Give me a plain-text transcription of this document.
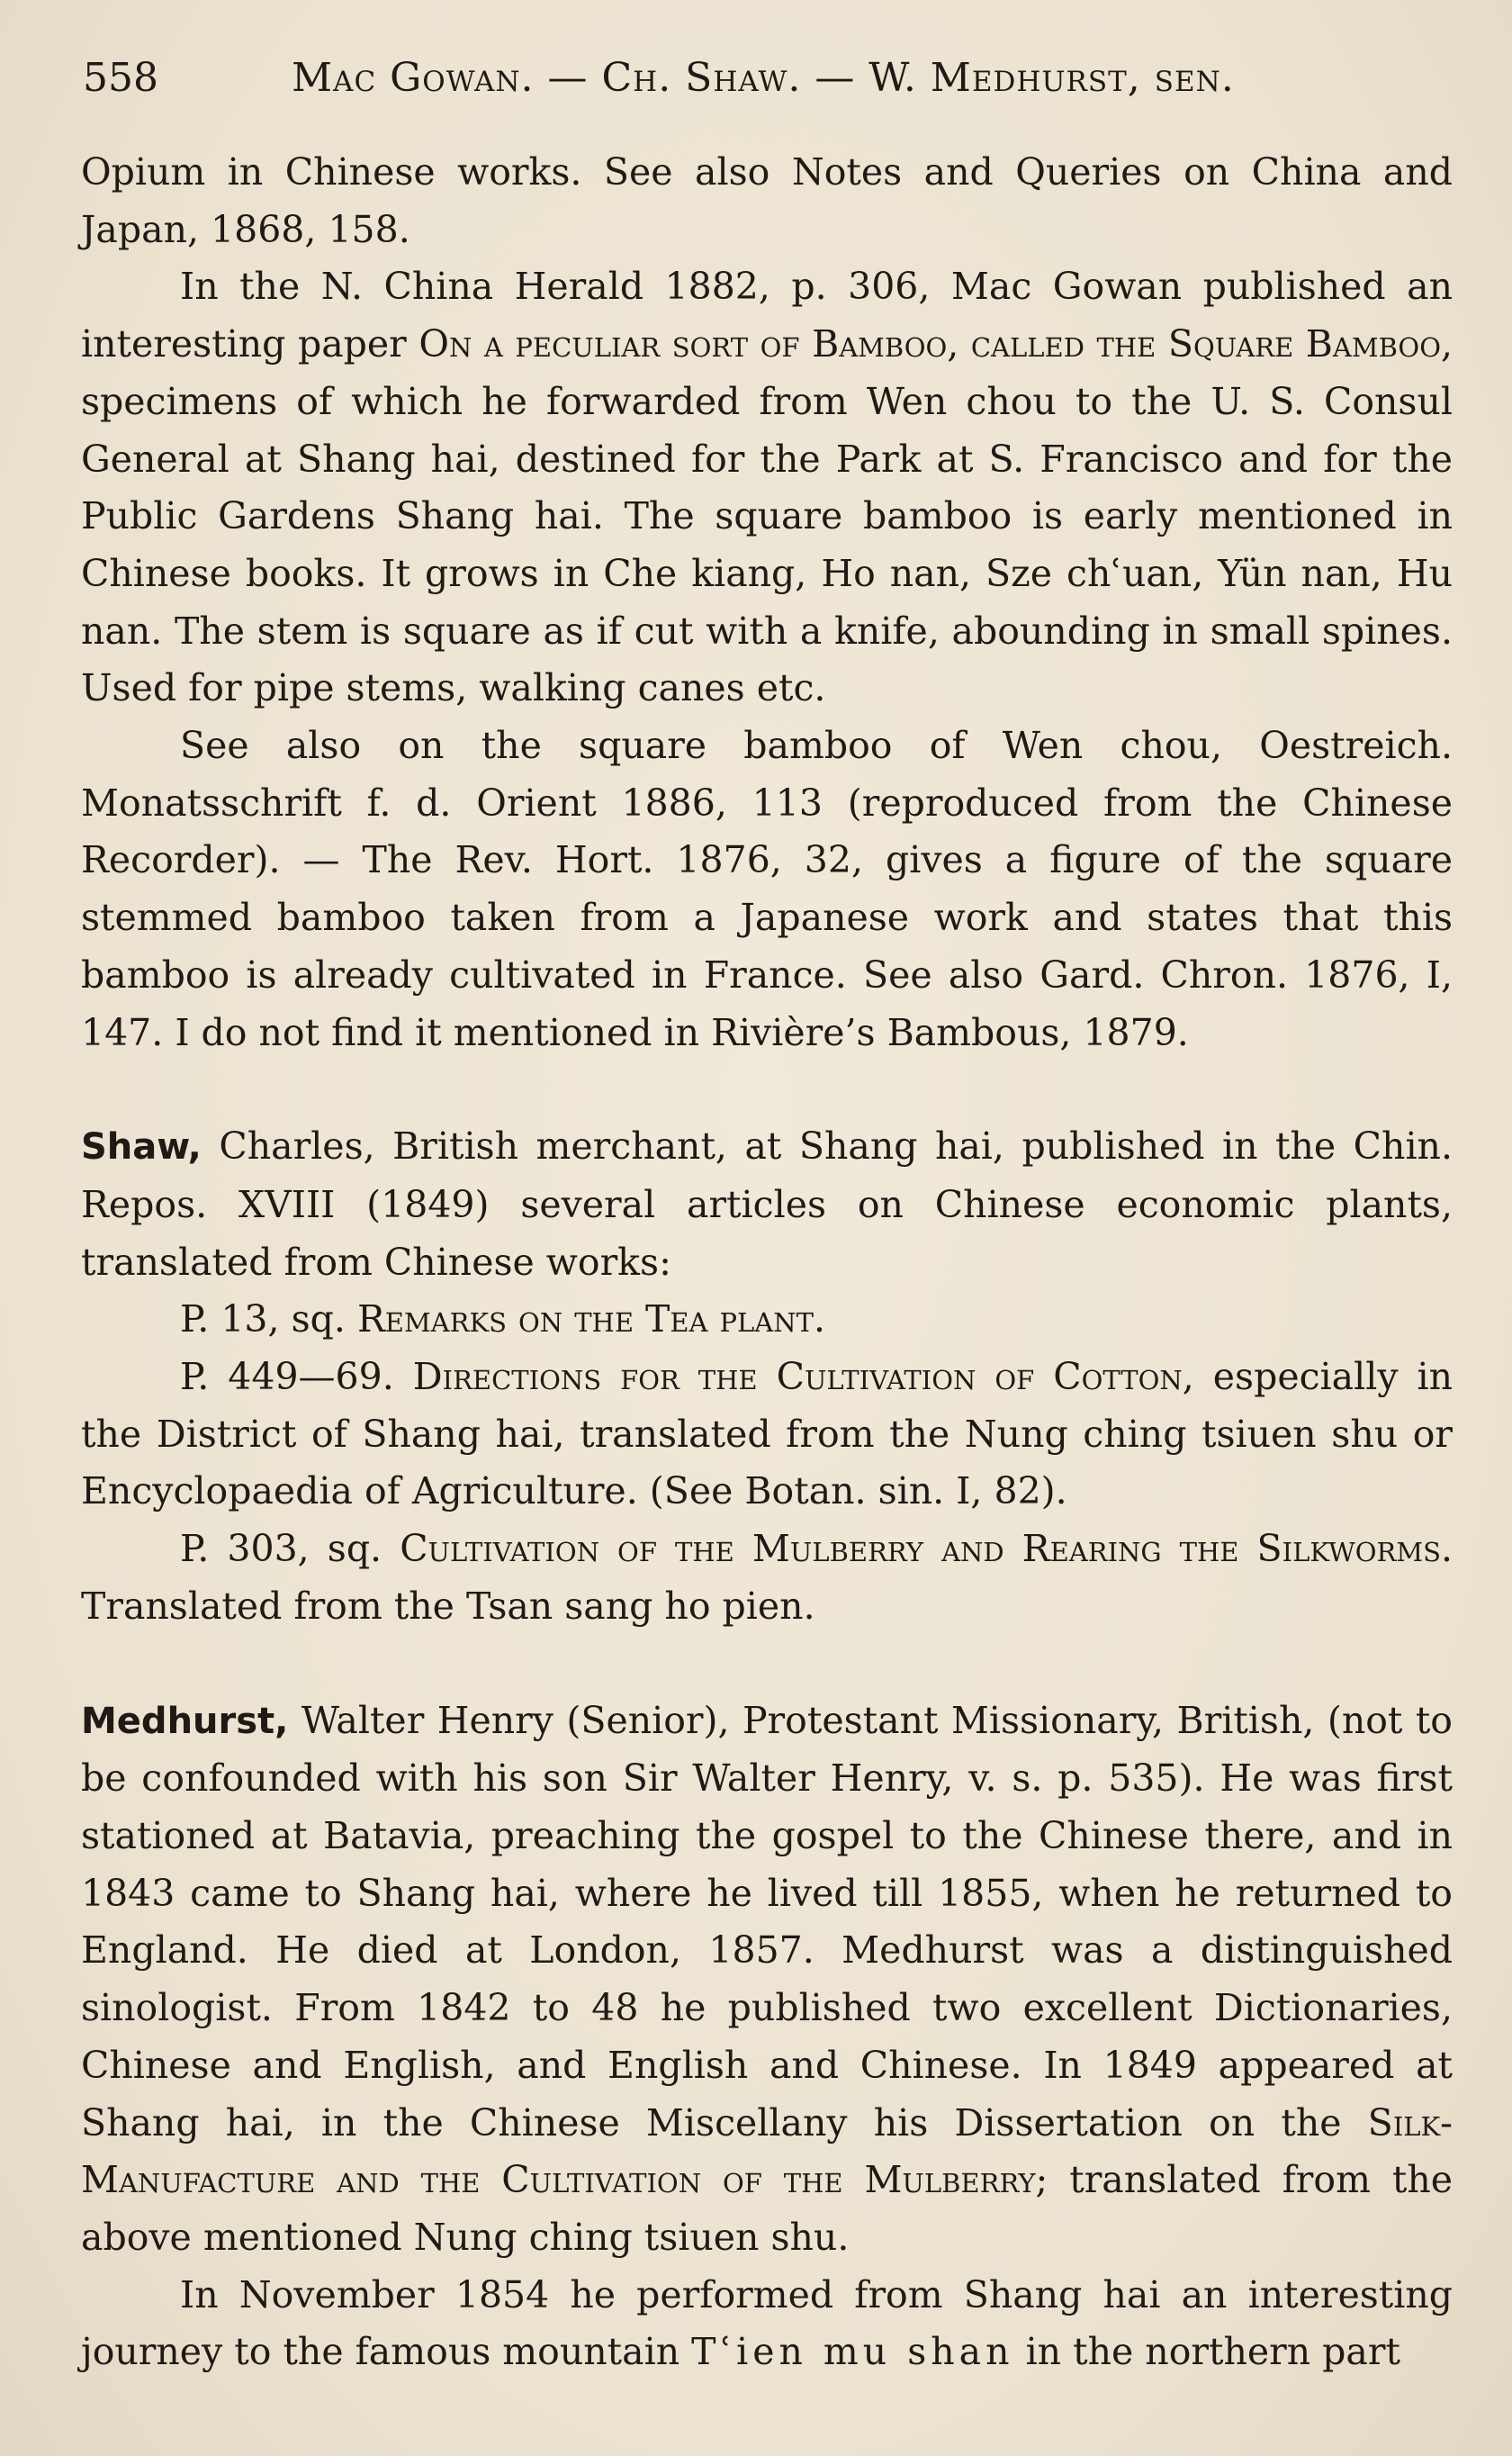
558	Mac Gowan. — Ch. Shaw. — W. Medhurst, sen.

Opium in Chinese works. See also Notes and Queries on China and Japan, 1868, 158.

In the N. China Herald 1882, p. 306, Mac Gowan published an interesting paper On a peculiar sort of Bamboo, called the Square Bamboo, specimens of which he forwarded from Wen chou to the U. S. Consul General at Shang hai, destined for the Park at S. Francisco and for the Public Gardens Shang hai. The square bamboo is early mentioned in Chinese books. It grows in Che kiang, Ho nan, Sze chʿuan, Yün nan, Hu nan. The stem is square as if cut with a knife, abounding in small spines. Used for pipe stems, walking canes etc.

See also on the square bamboo of Wen chou, Oestreich. Monatsschrift f. d. Orient 1886, 113 (reproduced from the Chinese Recorder). — The Rev. Hort. 1876, 32, gives a figure of the square stemmed bamboo taken from a Japanese work and states that this bamboo is already cultivated in France. See also Gard. Chron. 1876, I, 147. I do not find it mentioned in Rivière’s Bambous, 1879.

Shaw, Charles, British merchant, at Shang hai, published in the Chin. Repos. XVIII (1849) several articles on Chinese economic plants, translated from Chinese works:

P. 13, sq. Remarks on the Tea plant.

P. 449—69. Directions for the Cultivation of Cotton, especially in the District of Shang hai, translated from the Nung ching tsiuen shu or Encyclopaedia of Agriculture. (See Botan. sin. I, 82).

P. 303, sq. Cultivation of the Mulberry and Rearing the Silkworms. Translated from the Tsan sang ho pien.

Medhurst, Walter Henry (Senior), Protestant Missionary, British, (not to be confounded with his son Sir Walter Henry, v. s. p. 535). He was first stationed at Batavia, preaching the gospel to the Chinese there, and in 1843 came to Shang hai, where he lived till 1855, when he returned to England. He died at London, 1857. Medhurst was a distinguished sinologist. From 1842 to 48 he published two excellent Dictionaries, Chinese and English, and English and Chinese. In 1849 appeared at Shang hai, in the Chinese Miscellany his Dissertation on the Silk-Manufacture and the Cultivation of the Mulberry; translated from the above mentioned Nung ching tsiuen shu.

In November 1854 he performed from Shang hai an interesting journey to the famous mountain Tʿien mu shan in the northern part
